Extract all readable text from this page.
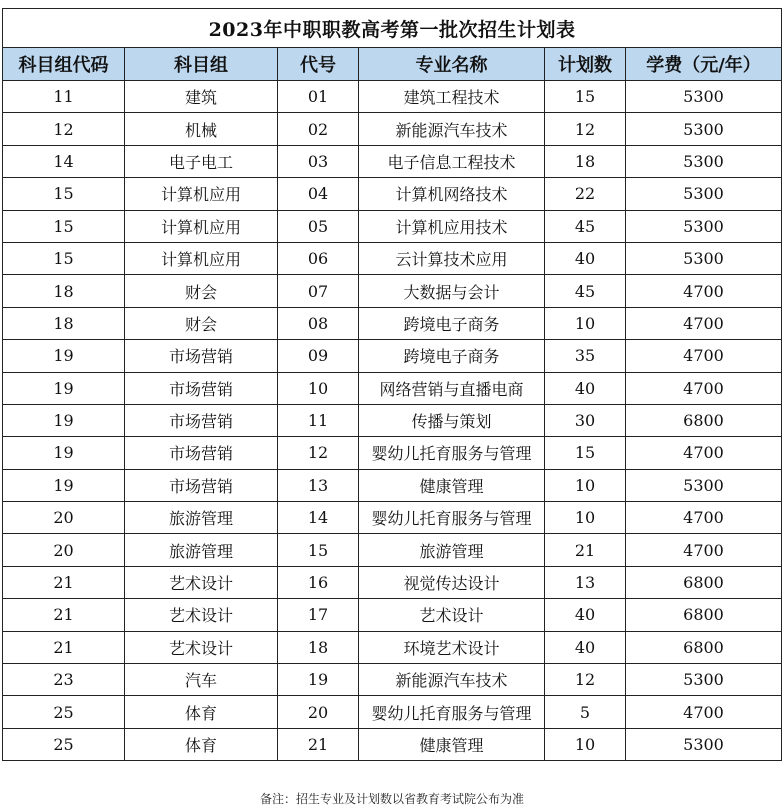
2023年中职职教高考第一批次招生计划表					
科目组代码	科目组	代号	专业名称	计划数	学费（元/年）
11	建筑	01	建筑工程技术	15	5300
12	机械	02	新能源汽车技术	12	5300
14	电子电工	03	电子信息工程技术	18	5300
15	计算机应用	04	计算机网络技术	22	5300
15	计算机应用	05	计算机应用技术	45	5300
15	计算机应用	06	云计算技术应用	40	5300
18	财会	07	大数据与会计	45	4700
18	财会	08	跨境电子商务	10	4700
19	市场营销	09	跨境电子商务	35	4700
19	市场营销	10	网络营销与直播电商	40	4700
19	市场营销	11	传播与策划	30	6800
19	市场营销	12	婴幼儿托育服务与管理	15	4700
19	市场营销	13	健康管理	10	5300
20	旅游管理	14	婴幼儿托育服务与管理	10	4700
20	旅游管理	15	旅游管理	21	4700
21	艺术设计	16	视觉传达设计	13	6800
21	艺术设计	17	艺术设计	40	6800
21	艺术设计	18	环境艺术设计	40	6800
23	汽车	19	新能源汽车技术	12	5300
25	体育	20	婴幼儿托育服务与管理	5	4700
25	体育	21	健康管理	10	5300
备注：招生专业及计划数以省教育考试院公布为准
